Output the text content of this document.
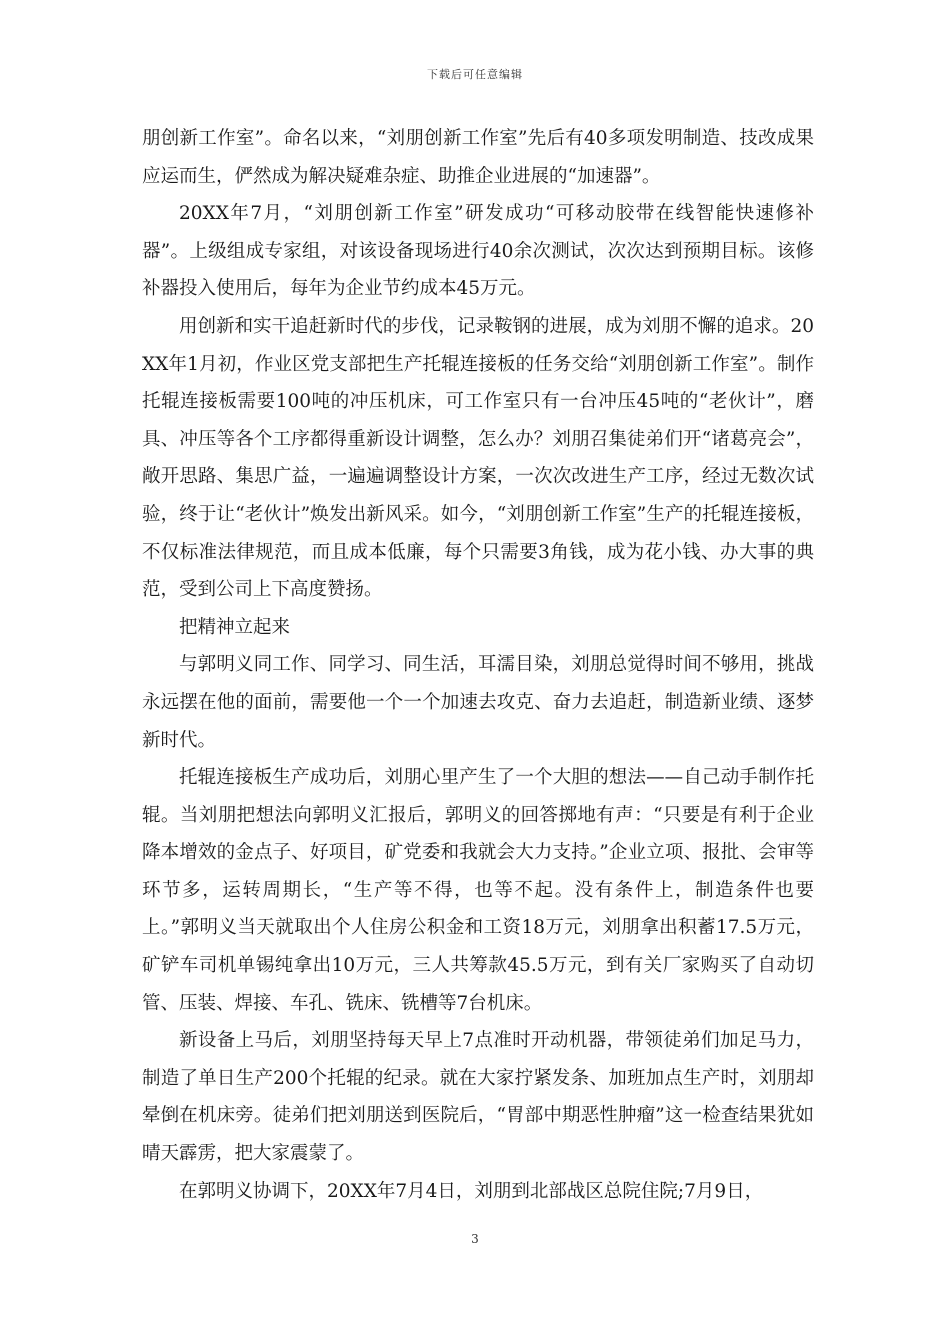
下载后可任意编辑

朋创新工作室”。命名以来，“刘朋创新工作室”先后有40多项发明制造、技改成果应运而生，俨然成为解决疑难杂症、助推企业进展的“加速器”。

20XX年7月，“刘朋创新工作室”研发成功“可移动胶带在线智能快速修补器”。上级组成专家组，对该设备现场进行40余次测试，次次达到预期目标。该修补器投入使用后，每年为企业节约成本45万元。

用创新和实干追赶新时代的步伐，记录鞍钢的进展，成为刘朋不懈的追求。20XX年1月初，作业区党支部把生产托辊连接板的任务交给“刘朋创新工作室”。制作托辊连接板需要100吨的冲压机床，可工作室只有一台冲压45吨的“老伙计”，磨具、冲压等各个工序都得重新设计调整，怎么办？刘朋召集徒弟们开“诸葛亮会”，敞开思路、集思广益，一遍遍调整设计方案，一次次改进生产工序，经过无数次试验，终于让“老伙计”焕发出新风采。如今，“刘朋创新工作室”生产的托辊连接板，不仅标准法律规范，而且成本低廉，每个只需要3角钱，成为花小钱、办大事的典范，受到公司上下高度赞扬。

把精神立起来

与郭明义同工作、同学习、同生活，耳濡目染，刘朋总觉得时间不够用，挑战永远摆在他的面前，需要他一个一个加速去攻克、奋力去追赶，制造新业绩、逐梦新时代。

托辊连接板生产成功后，刘朋心里产生了一个大胆的想法——自己动手制作托辊。当刘朋把想法向郭明义汇报后，郭明义的回答掷地有声：“只要是有利于企业降本增效的金点子、好项目，矿党委和我就会大力支持。”企业立项、报批、会审等环节多，运转周期长，“生产等不得，也等不起。没有条件上，制造条件也要上。”郭明义当天就取出个人住房公积金和工资18万元，刘朋拿出积蓄17.5万元，矿铲车司机单锡纯拿出10万元，三人共筹款45.5万元，到有关厂家购买了自动切管、压装、焊接、车孔、铣床、铣槽等7台机床。

新设备上马后，刘朋坚持每天早上7点准时开动机器，带领徒弟们加足马力，制造了单日生产200个托辊的纪录。就在大家拧紧发条、加班加点生产时，刘朋却晕倒在机床旁。徒弟们把刘朋送到医院后，“胃部中期恶性肿瘤”这一检查结果犹如晴天霹雳，把大家震蒙了。

在郭明义协调下，20XX年7月4日，刘朋到北部战区总院住院;7月9日，

3
